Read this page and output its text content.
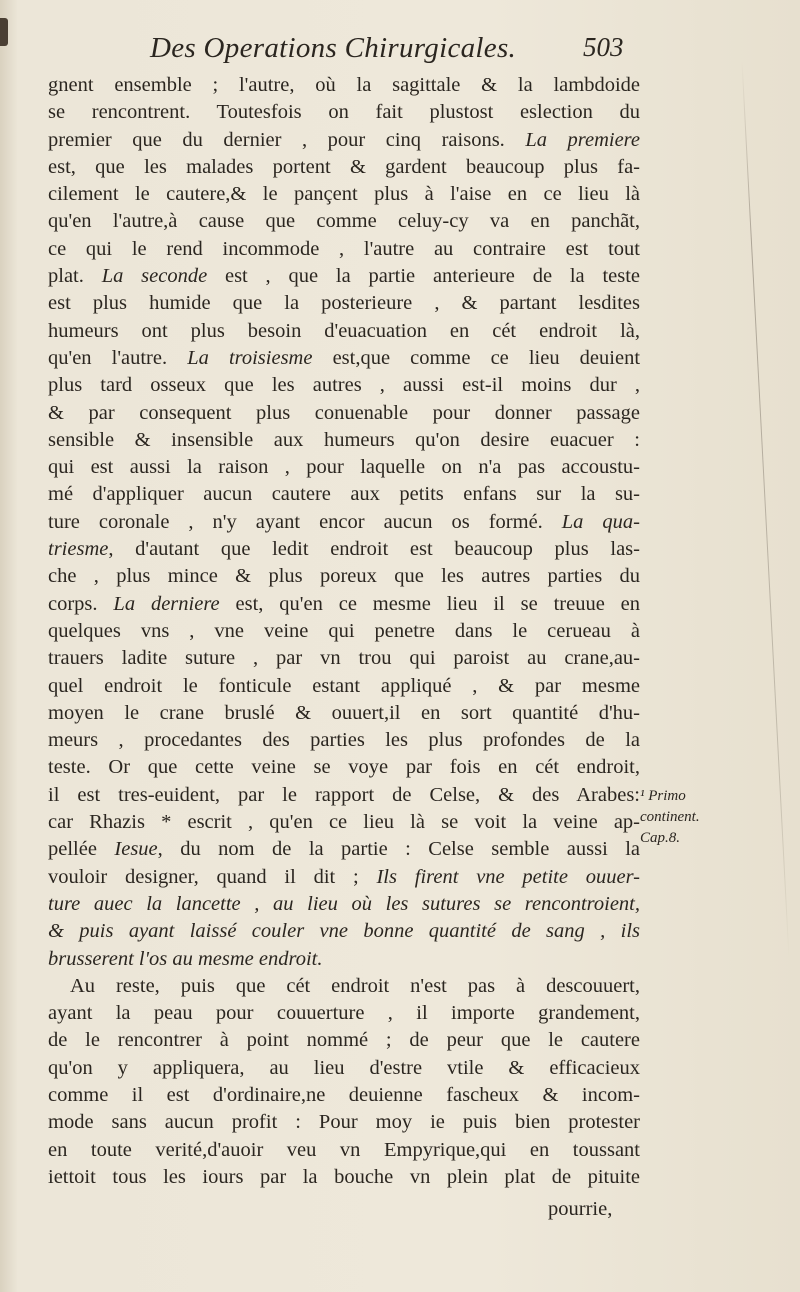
Des Operations Chirurgicales. 503
gnent ensemble ; l'autre, où la sagittale & la lambdoide
se rencontrent. Toutesfois on fait plustost eslection du
premier que du dernier , pour cinq raisons. La premiere
est, que les malades portent & gardent beaucoup plus fa-
cilement le cautere,& le pançent plus à l'aise en ce lieu là
qu'en l'autre,à cause que comme celuy-cy va en panchãt,
ce qui le rend incommode , l'autre au contraire est tout
plat. La seconde est , que la partie anterieure de la teste
est plus humide que la posterieure , & partant lesdites
humeurs ont plus besoin d'euacuation en cét endroit là,
qu'en l'autre. La troisiesme est,que comme ce lieu deuient
plus tard osseux que les autres , aussi est-il moins dur ,
& par consequent plus conuenable pour donner passage
sensible & insensible aux humeurs qu'on desire euacuer :
qui est aussi la raison , pour laquelle on n'a pas accoustu-
mé d'appliquer aucun cautere aux petits enfans sur la su-
ture coronale , n'y ayant encor aucun os formé. La qua-
triesme, d'autant que ledit endroit est beaucoup plus las-
che , plus mince & plus poreux que les autres parties du
corps. La derniere est, qu'en ce mesme lieu il se treuue en
quelques vns , vne veine qui penetre dans le cerueau à
trauers ladite suture , par vn trou qui paroist au crane,au-
quel endroit le fonticule estant appliqué , & par mesme
moyen le crane bruslé & ouuert,il en sort quantité d'hu-
meurs , procedantes des parties les plus profondes de la
teste. Or que cette veine se voye par fois en cét endroit,
il est tres-euident, par le rapport de Celse, & des Arabes:
car Rhazis * escrit , qu'en ce lieu là se voit la veine ap-
pellée Iesue, du nom de la partie : Celse semble aussi la
vouloir designer, quand il dit ; Ils firent vne petite ouuer-
ture auec la lancette , au lieu où les sutures se rencontroient,
& puis ayant laissé couler vne bonne quantité de sang , ils
brusserent l'os au mesme endroit.
Au reste, puis que cét endroit n'est pas à descouuert,
ayant la peau pour couuerture , il importe grandement,
de le rencontrer à point nommé ; de peur que le cautere
qu'on y appliquera, au lieu d'estre vtile & efficacieux
comme il est d'ordinaire,ne deuienne fascheux & incom-
mode sans aucun profit : Pour moy ie puis bien protester
en toute verité,d'auoir veu vn Empyrique,qui en toussant
iettoit tous les iours par la bouche vn plein plat de pituite
¹ Primo
continent.
Cap.8.
pourrie,
